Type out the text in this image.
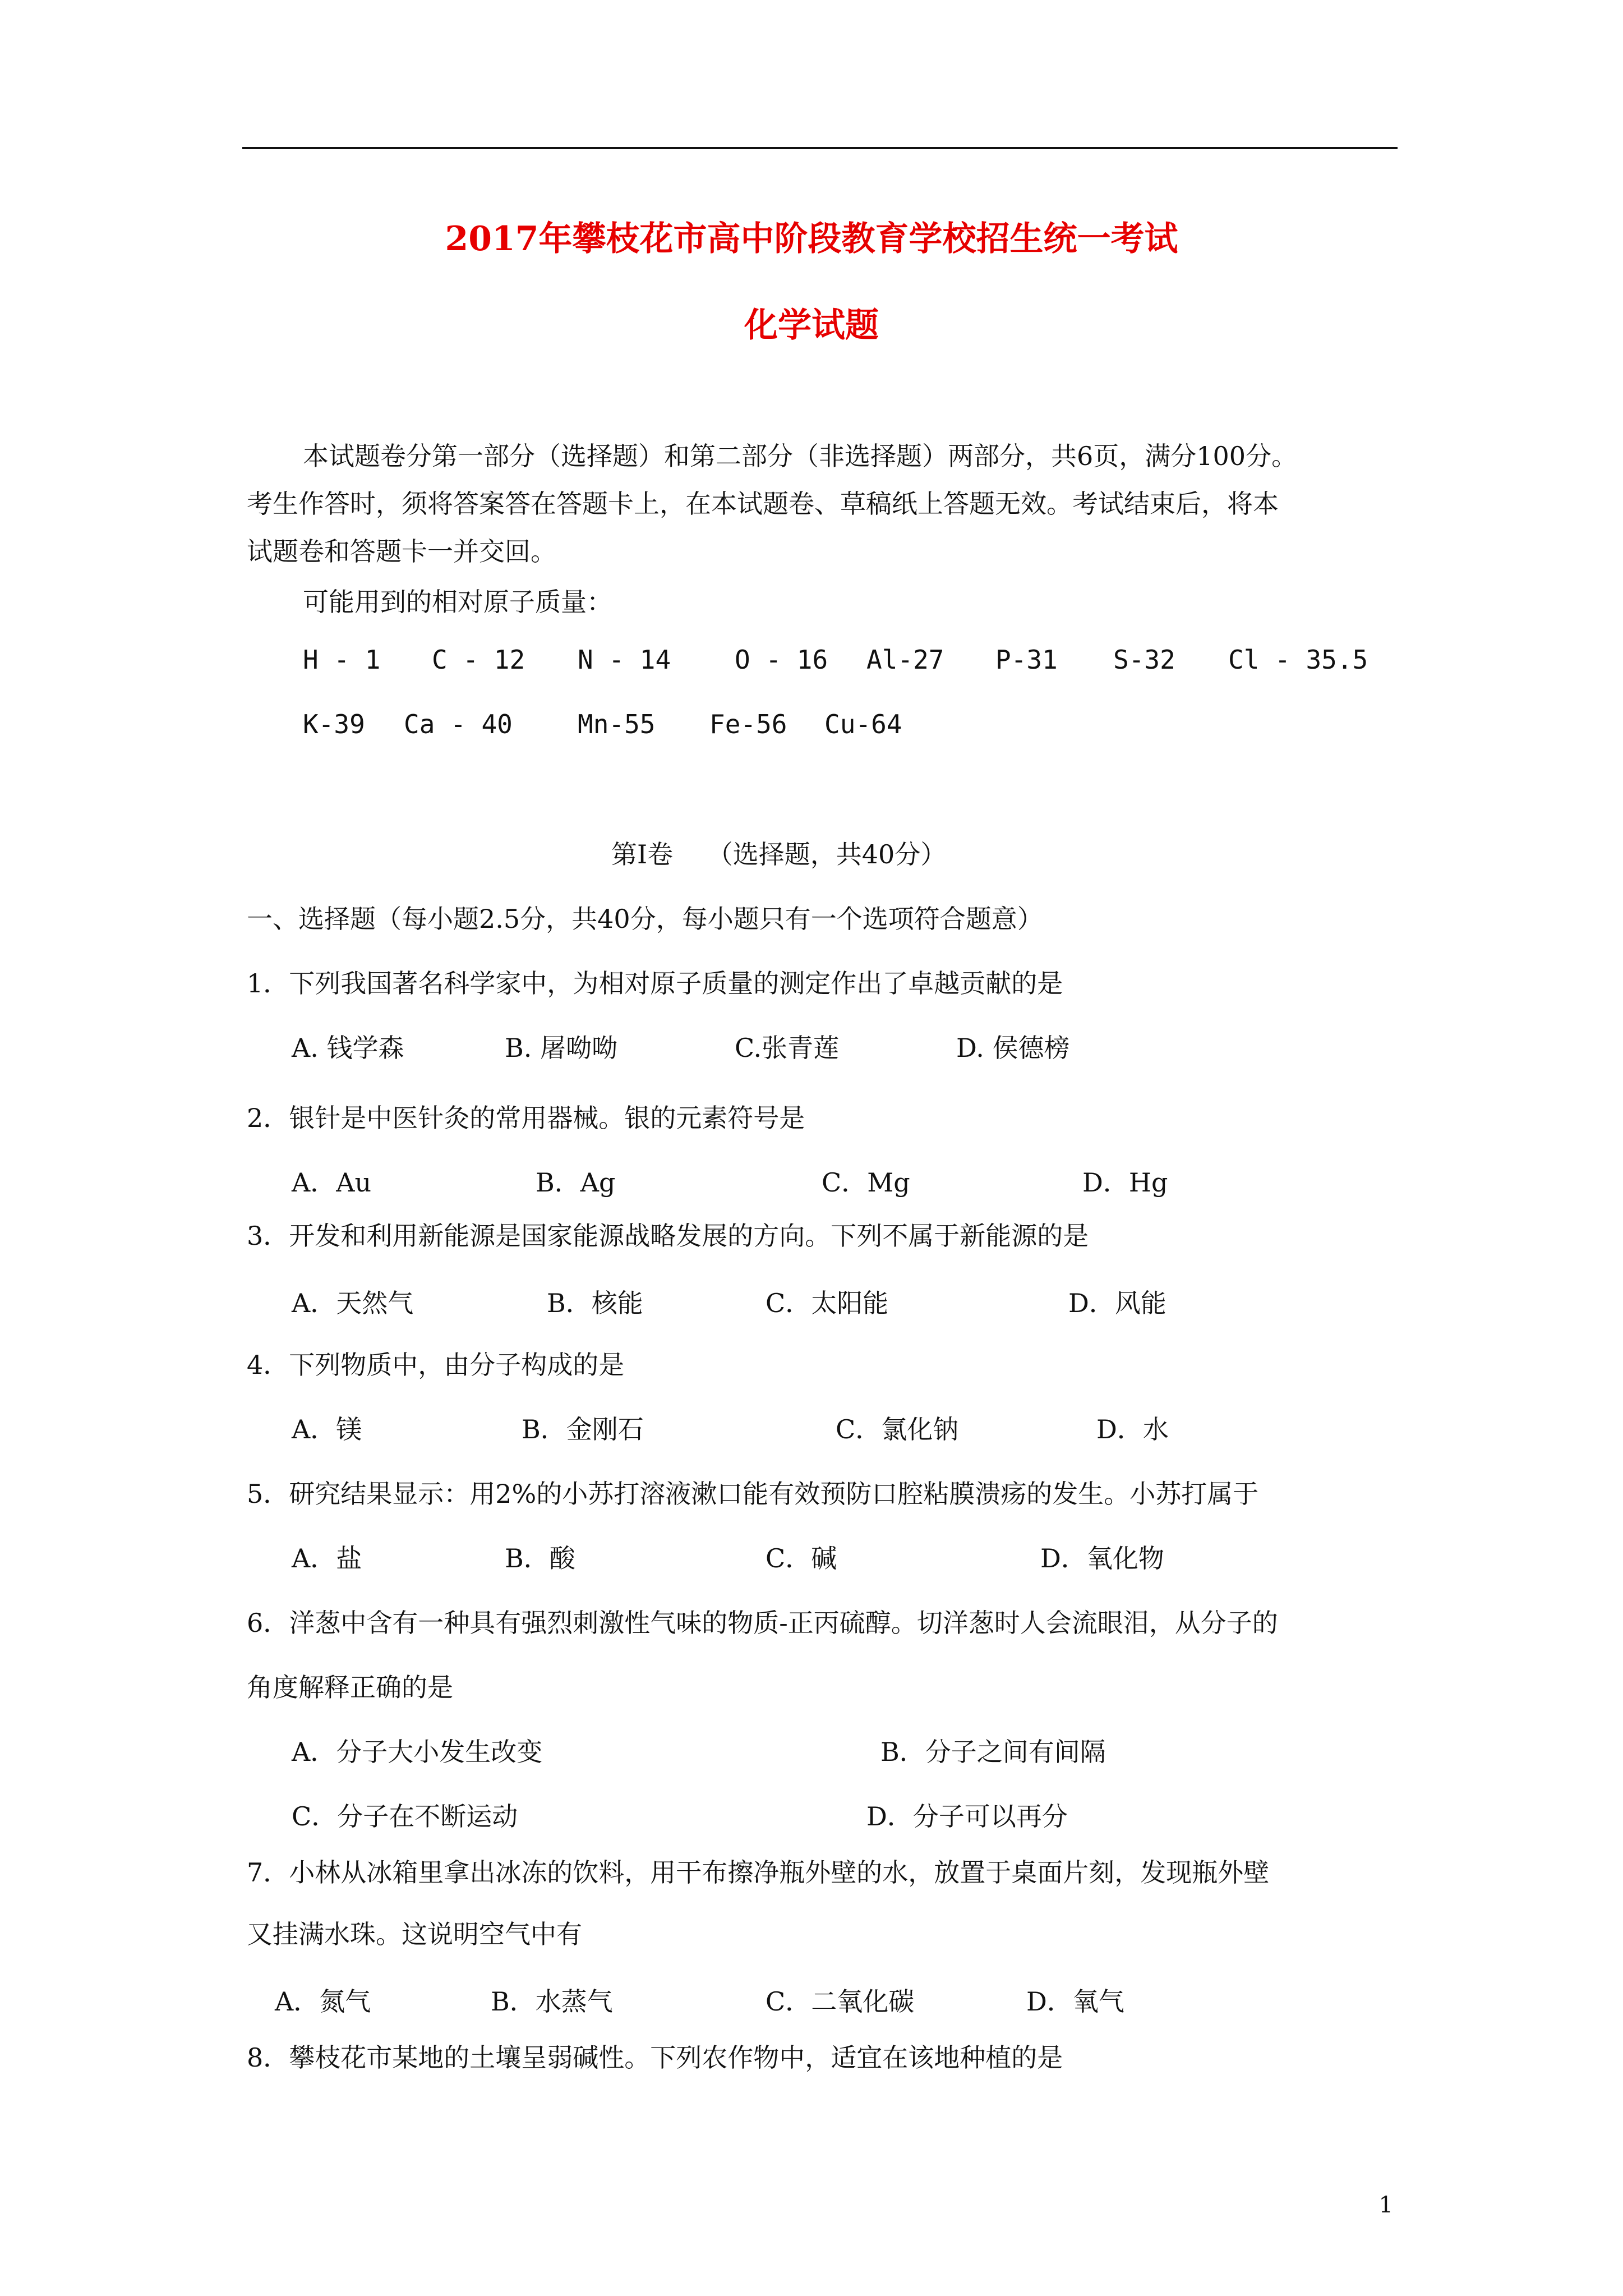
2017年攀枝花市高中阶段教育学校招生统一考试
化学试题

本试题卷分第一部分（选择题）和第二部分（非选择题）两部分，共6页，满分100分。

考生作答时，须将答案答在答题卡上，在本试题卷、草稿纸上答题无效。考试结束后，将本

试题卷和答题卡一并交回。

可能用到的相对原子质量：

H - 1 C - 12 N - 14 O - 16 Al-27 P-31 S-32 Cl - 35.5
K-39 Ca - 40	Mn-55 Fe-56 Cu-64

第Ⅰ卷　 （选择题，共40分）

一、选择题（每小题2.5分，共40分，每小题只有一个选项符合题意）

1．下列我国著名科学家中，为相对原子质量的测定作出了卓越贡献的是

A. 钱学森	B. 屠呦呦	C.张青莲	D. 侯德榜

2．银针是中医针灸的常用器械。银的元素符号是

A．Au	B．Ag	C．Mg	D．Hg

3．开发和利用新能源是国家能源战略发展的方向。下列不属于新能源的是

A．天然气	B．核能	C．太阳能	D．风能

4．下列物质中，由分子构成的是

A．镁	B．金刚石	C．氯化钠	D．水

5．研究结果显示：用2%的小苏打溶液漱口能有效预防口腔粘膜溃疡的发生。小苏打属于

A．盐	B．酸	C．碱	D．氧化物

6．洋葱中含有一种具有强烈刺激性气味的物质-正丙硫醇。切洋葱时人会流眼泪，从分子的

角度解释正确的是

A．分子大小发生改变	B．分子之间有间隔
C．分子在不断运动	D．分子可以再分

7．小林从冰箱里拿出冰冻的饮料，用干布擦净瓶外壁的水，放置于桌面片刻，发现瓶外壁

又挂满水珠。这说明空气中有

A．氮气	B．水蒸气	C．二氧化碳	D．氧气

8．攀枝花市某地的土壤呈弱碱性。下列农作物中，适宜在该地种植的是

1
